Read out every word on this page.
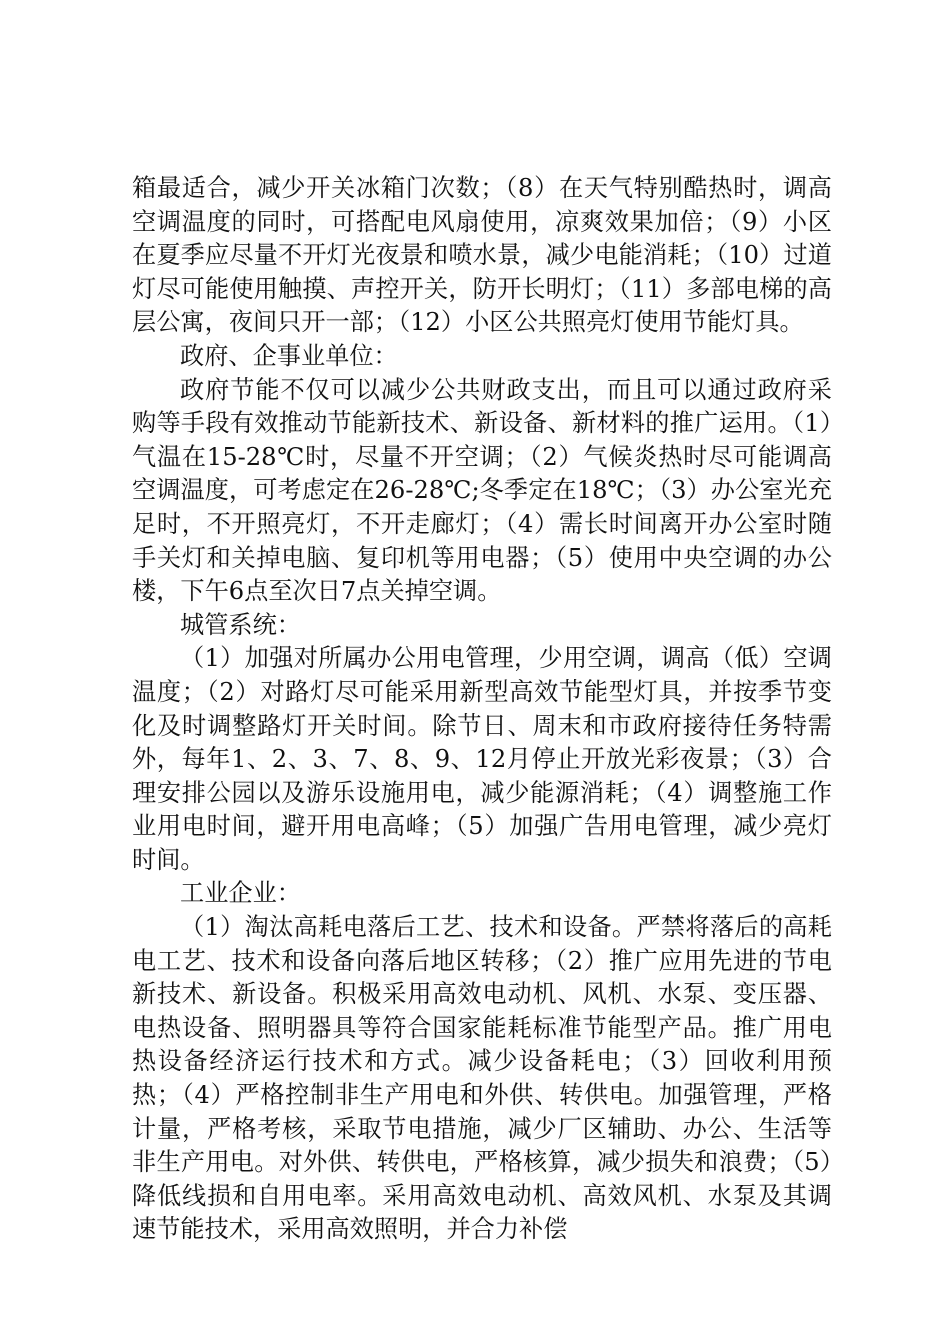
箱最适合，减少开关冰箱门次数；（8）在天气特别酷热时，调高空调温度的同时，可搭配电风扇使用，凉爽效果加倍；（9）小区在夏季应尽量不开灯光夜景和喷水景，减少电能消耗；（10）过道灯尽可能使用触摸、声控开关，防开长明灯；（11）多部电梯的高层公寓，夜间只开一部；（12）小区公共照亮灯使用节能灯具。

政府、企事业单位：

政府节能不仅可以减少公共财政支出，而且可以通过政府采购等手段有效推动节能新技术、新设备、新材料的推广运用。（1）气温在15-28℃时，尽量不开空调；（2）气候炎热时尽可能调高空调温度，可考虑定在26-28℃;冬季定在18℃；（3）办公室光充足时，不开照亮灯，不开走廊灯；（4）需长时间离开办公室时随手关灯和关掉电脑、复印机等用电器；（5）使用中央空调的办公楼，下午6点至次日7点关掉空调。

城管系统：

（1）加强对所属办公用电管理，少用空调，调高（低）空调温度；（2）对路灯尽可能采用新型高效节能型灯具，并按季节变化及时调整路灯开关时间。除节日、周末和市政府接待任务特需外，每年1、2、3、7、8、9、12月停止开放光彩夜景；（3）合理安排公园以及游乐设施用电，减少能源消耗；（4）调整施工作业用电时间，避开用电高峰；（5）加强广告用电管理，减少亮灯时间。

工业企业：

（1）淘汰高耗电落后工艺、技术和设备。严禁将落后的高耗电工艺、技术和设备向落后地区转移；（2）推广应用先进的节电新技术、新设备。积极采用高效电动机、风机、水泵、变压器、电热设备、照明器具等符合国家能耗标准节能型产品。推广用电热设备经济运行技术和方式。减少设备耗电；（3）回收利用预热；（4）严格控制非生产用电和外供、转供电。加强管理，严格计量，严格考核，采取节电措施，减少厂区辅助、办公、生活等非生产用电。对外供、转供电，严格核算，减少损失和浪费；（5）降低线损和自用电率。采用高效电动机、高效风机、水泵及其调速节能技术，采用高效照明，并合力补偿
